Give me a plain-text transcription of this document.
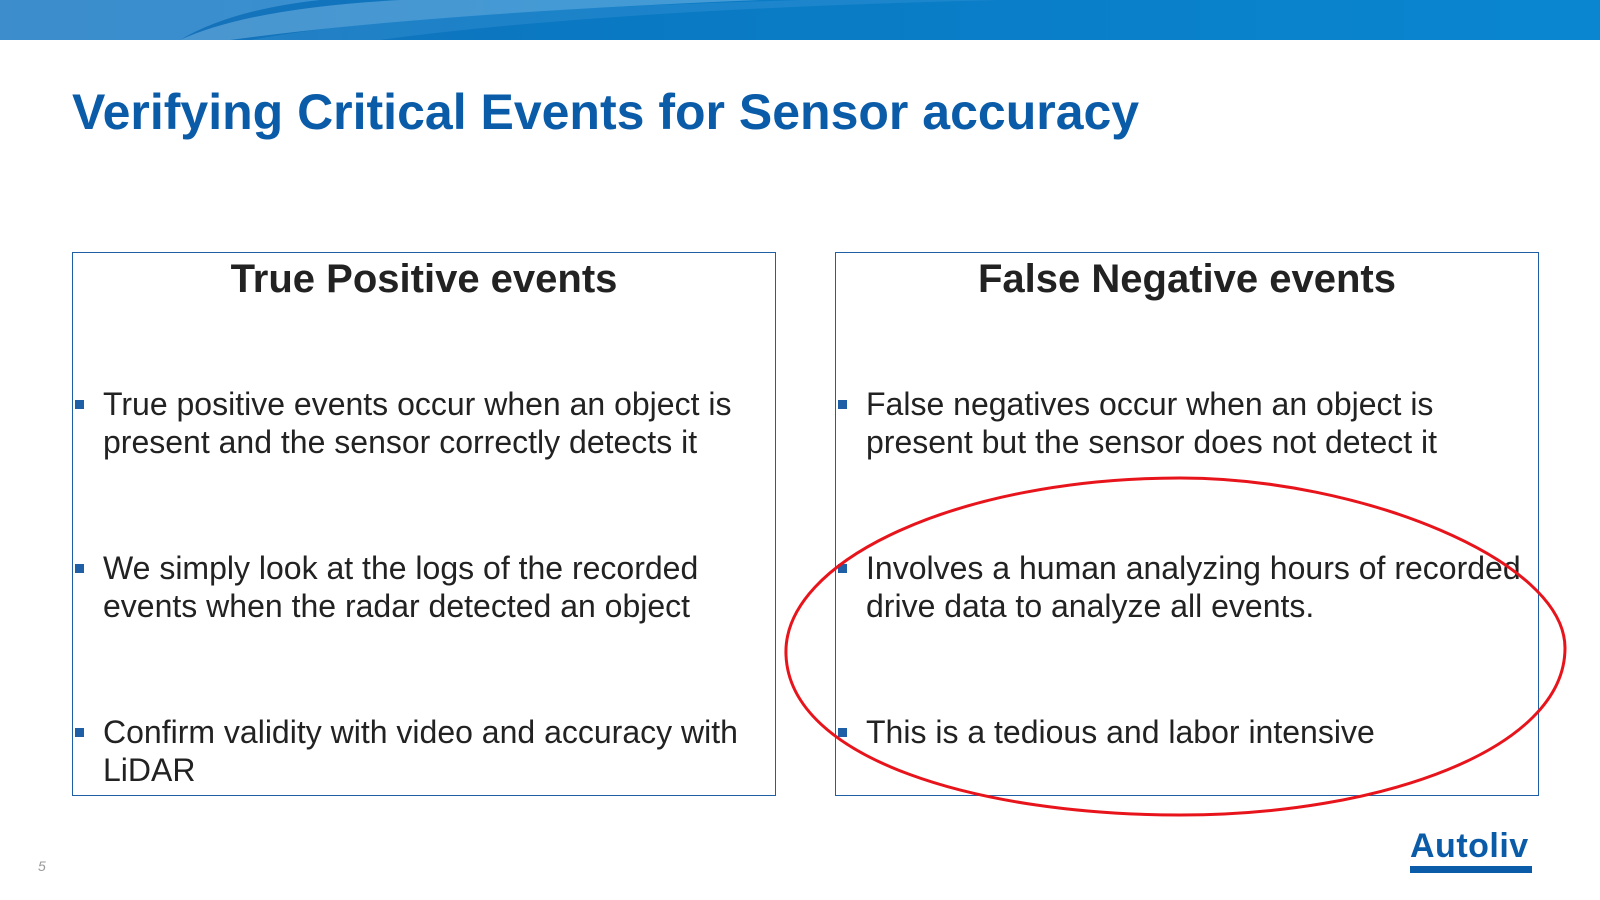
Verifying Critical Events for Sensor accuracy
True Positive events
True positive events occur when an object is present and the sensor correctly detects it
We simply look at the logs of the recorded events when the radar detected an object
Confirm validity with video and accuracy with LiDAR
False Negative events
False negatives occur when an object is present but the sensor does not detect it
Involves a human analyzing hours of recorded drive data to analyze all events.
This is a tedious and labor intensive
5
Autoliv
